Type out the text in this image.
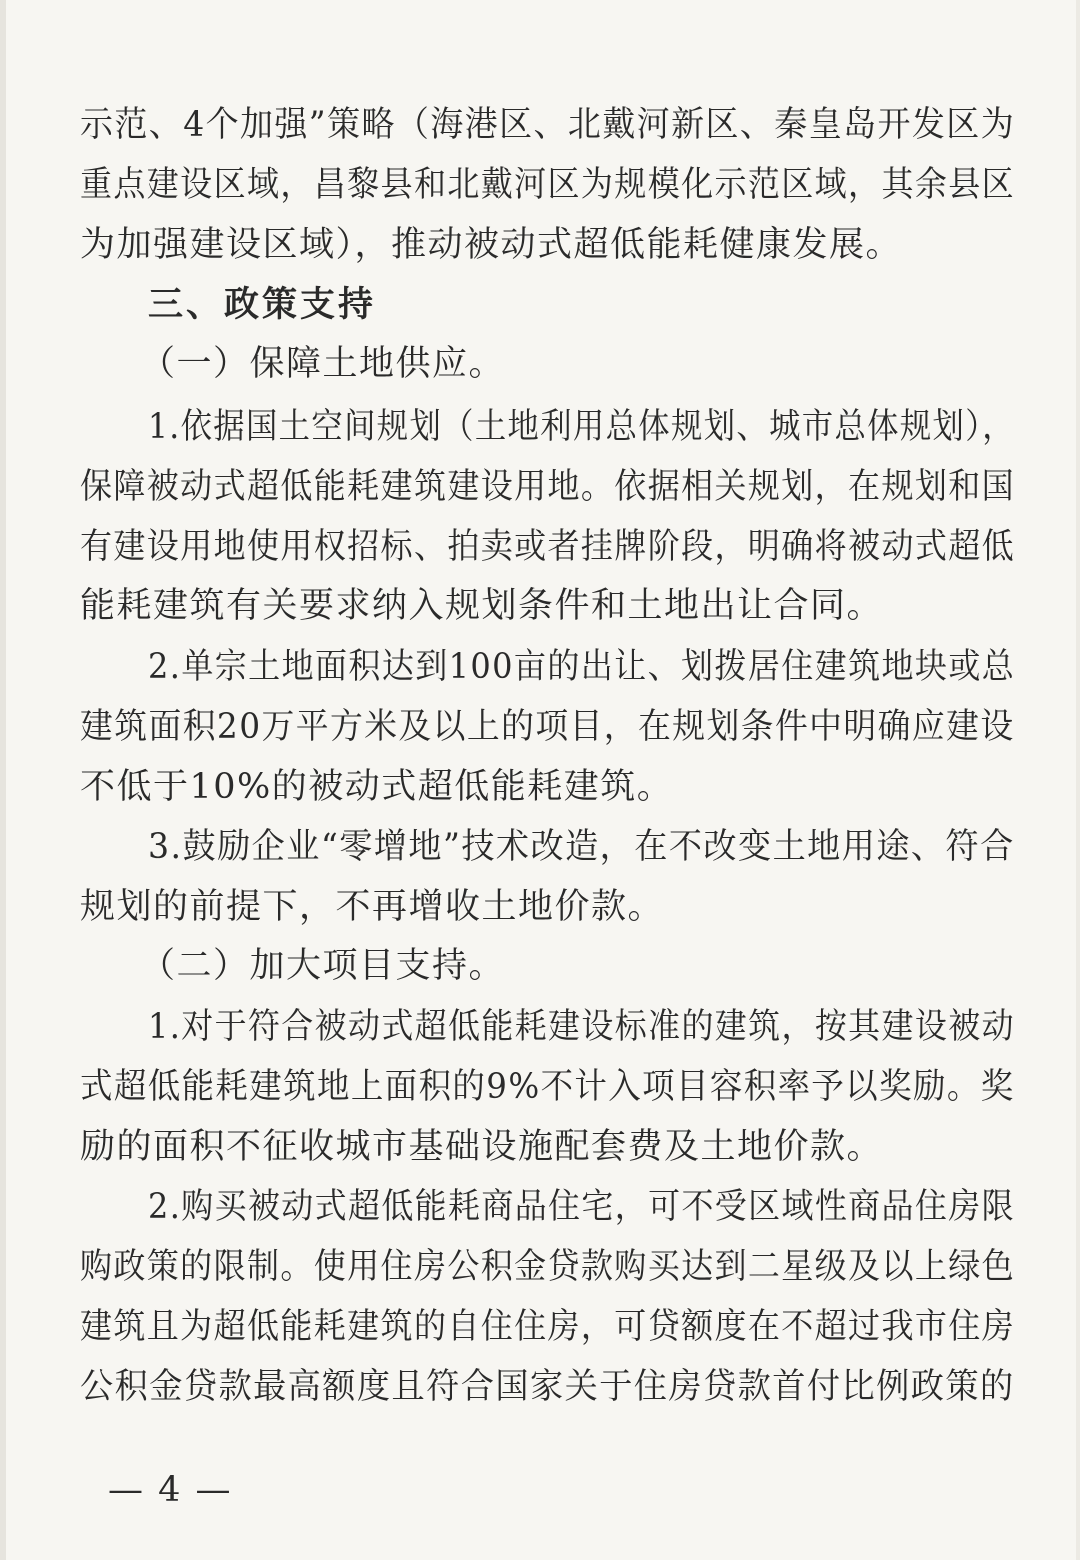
示范、4个加强”策略（海港区、北戴河新区、秦皇岛开发区为
重点建设区域，昌黎县和北戴河区为规模化示范区域，其余县区
为加强建设区域），推动被动式超低能耗健康发展。
三、政策支持
（一）保障土地供应。
1.依据国土空间规划（土地利用总体规划、城市总体规划），
保障被动式超低能耗建筑建设用地。依据相关规划，在规划和国
有建设用地使用权招标、拍卖或者挂牌阶段，明确将被动式超低
能耗建筑有关要求纳入规划条件和土地出让合同。
2.单宗土地面积达到100亩的出让、划拨居住建筑地块或总
建筑面积20万平方米及以上的项目，在规划条件中明确应建设
不低于10%的被动式超低能耗建筑。
3.鼓励企业“零增地”技术改造，在不改变土地用途、符合
规划的前提下，不再增收土地价款。
（二）加大项目支持。
1.对于符合被动式超低能耗建设标准的建筑，按其建设被动
式超低能耗建筑地上面积的9%不计入项目容积率予以奖励。奖
励的面积不征收城市基础设施配套费及土地价款。
2.购买被动式超低能耗商品住宅，可不受区域性商品住房限
购政策的限制。使用住房公积金贷款购买达到二星级及以上绿色
建筑且为超低能耗建筑的自住住房，可贷额度在不超过我市住房
公积金贷款最高额度且符合国家关于住房贷款首付比例政策的
— 4 —
